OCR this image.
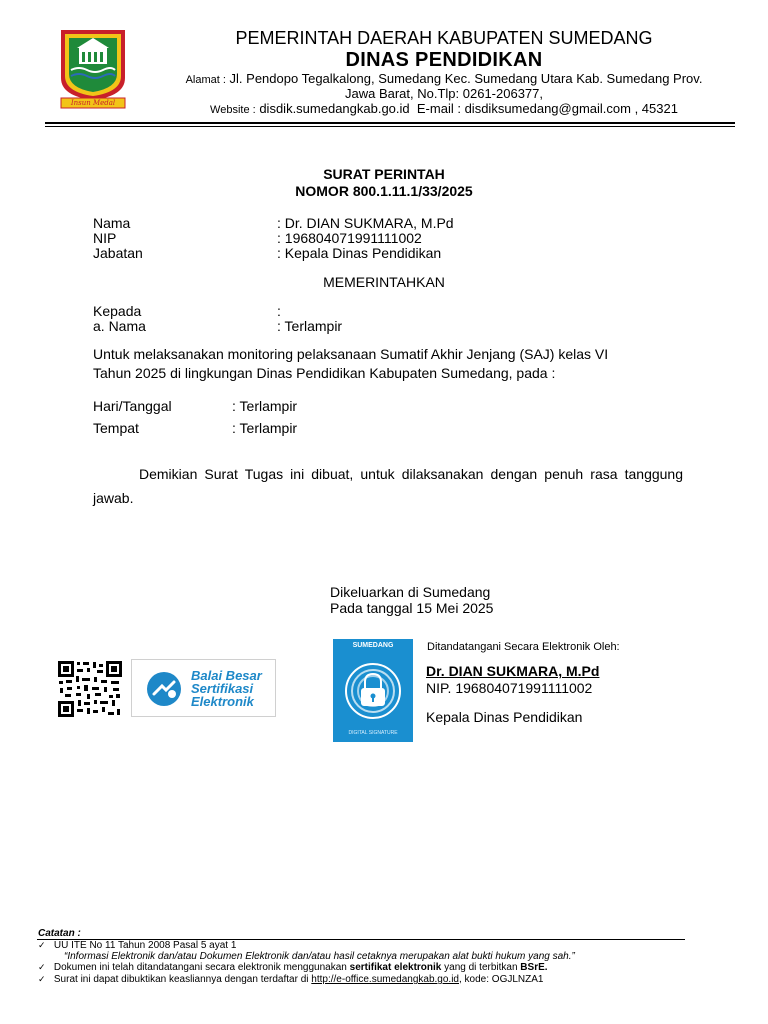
Insun Medal
PEMERINTAH DAERAH KABUPATEN SUMEDANG
DINAS PENDIDIKAN
Alamat : Jl. Pendopo Tegalkalong, Sumedang Kec. Sumedang Utara Kab. Sumedang Prov.
Jawa Barat, No.Tlp: 0261-206377,
Website : disdik.sumedangkab.go.id E-mail : disdiksumedang@gmail.com , 45321
SURAT PERINTAH
NOMOR 800.1.11.1/33/2025
Nama	: Dr. DIAN SUKMARA, M.Pd
NIP	: 196804071991111002
Jabatan	: Kepala Dinas Pendidikan
MEMERINTAHKAN
Kepada	:
a. Nama	: Terlampir
Untuk melaksanakan monitoring pelaksanaan Sumatif Akhir Jenjang (SAJ) kelas VI
Tahun 2025 di lingkungan Dinas Pendidikan Kabupaten Sumedang, pada :
Hari/Tanggal	: Terlampir
Tempat	: Terlampir
Demikian Surat Tugas ini dibuat, untuk dilaksanakan dengan penuh rasa tanggung jawab.
Dikeluarkan di Sumedang
Pada tanggal 15 Mei 2025
Balai Besar
Sertifikasi
Elektronik
SUMEDANG
DIGITAL SIGNATURE
Ditandatangani Secara Elektronik Oleh:
Dr. DIAN SUKMARA, M.Pd
NIP. 196804071991111002
Kepala Dinas Pendidikan
Catatan :
✓ UU ITE No 11 Tahun 2008 Pasal 5 ayat 1
“Informasi Elektronik dan/atau Dokumen Elektronik dan/atau hasil cetaknya merupakan alat bukti hukum yang sah.”
✓ Dokumen ini telah ditandatangani secara elektronik menggunakan sertifikat elektronik yang di terbitkan BSrE.
✓ Surat ini dapat dibuktikan keasliannya dengan terdaftar di http://e-office.sumedangkab.go.id, kode: OGJLNZA1
